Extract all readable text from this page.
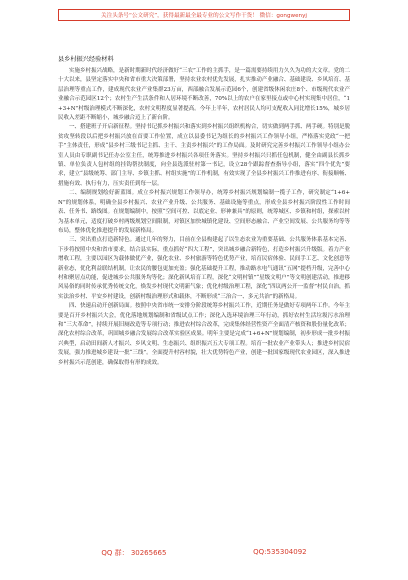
关注头条号“公文研究”，获得最新最全最专业的公文写作干货！ 微信：gongwenyj
县乡村振兴经验材料

实施乡村振兴战略，是新时期新时代经济做好“三农”工作的主抓手，是一篇需要持续用力久久为功的大文章。党的二十大以来，县坚定落实中央和省市重大决策部署，坚持农业农村优先发展，扎实推动产业融合、基础建设、乡风培育、基层治理等重点工作，建成现代农业产业集群23万亩，西部融合发展示范园6个，创建省级休闲农庄8个、市级现代农业产业融合示范园区12个；农村生产生活条件和人居环境不断改善，70%以上的农户在家里接点或中心村实现集中居住，“1+3+N”村级治理模式不断深化，农村文明程度显著提高。今年上半年，农村居民人均可支配收入同比增长15%，城乡居民收入差距不断缩小，城乡融合迈上了新台阶。

一、搭建班子开启新征程。坚持书记抓乡村振兴和落实到乡村振兴组织机构合，切实做到两手抓、两手硬。特别是脱贫攻坚转段以后把乡村振兴放在首要工作位置，成立以县委书记为组长的乡村振兴工作领导小组，严格落实党政“一把手”主体责任，形成“县乡村三级书记主抓、主干、主责乡村振兴”的工作局面。及时研究完善乡村振兴工作领导小组办公室人员由专职副书记任办公室主任，统筹推进乡村振兴各项任务落实。坚持乡村振兴只抓任包机制，健全由副县长抓乡镇、单位负责人包村组的挂钩帮扶制度，向全县选派驻村第一书记，设立28个跟踪督查指导小组，落实“四个优先”要求，建立“县级统筹、部门主导、乡镇主抓、村组实施”的工作机制，有效实现了全县乡村振兴工作推进有序、衔接顺畅、措施有效、执行有力，压实责任到每一层。

二、编制规划绘好新蓝图。成立乡村振兴规划工作领导办，统筹乡村振兴规划编制一揽子工作，研究制定“1+6+N”的规划体系，明确全县乡村振兴、农业产业升级、公共服务、基础设施等重点，形成全县乡村振兴阶段性工作时间表、任务书、路线图。在规划编制中，按照“空间可控、以底定业、形神兼具”的原则，统筹城区、乡镇和村组，探索以村为基本单元，适度打破乡村两级规划空间限制，对镇区加快城镇化建设、空间形态融合、产业空间发展、公共服务均等等布局，整体优化推进提升的发展新格局。

三、突出重点打造新特色。通过几年的努力，目前在全县构建起了以生态农业为重要基础、公共服务体系基本完善、下步将按照中央和省市要求，结合县实际，重点抓好“四大工程”，突出城乡融合新特色，打造乡村振兴升级版。着力产业增收工程，主要以园区为载体做优产业，强化农业、乡村旅游等特色优势产业，培育民宿体验、民间手工艺、文化创意等新业态，优化利益联结机制，让农民的腰包更加充盈；强化基础提升工程，推动路水电气通讯“五网”提档升级，完善中心村和聚居点功能，促进城乡公共服务均等化；深化新风培育工程，深化“文明村镇”“星级文明户”等文明创建活动，推进移风易俗的同时传承优秀传统文化，焕发乡村现代文明新气象；优化村级治理工程，深化“四议两公开一监督”村民自治，抓实法治乡村、平安乡村建设，创新村级治理形式和载体，不断形成“三治合一、多元共治”的新格局。

四、快速启动开创新局面。按照中央省市统一安排分阶段统筹乡村振兴工作，近期任务是做好专项两年工作。今年主要是百开乡村振兴大会，优化落地规划编制和省级试点工作；深化入选环境治理三年行动，抓好农村生活垃圾污水治理和“三大革命”，持续开展旧厕改造等专项行动；推进农村综合改革，完成集体经营性资产全面清产核资和股份量化改革；深化农村综合改革，巩固城乡融合发展综合改革实验区成果。明年主要是完成“1+6+N”规划编制，初步形成一批乡村振兴典型，启动田间新人才振兴、乡风文明、生态振兴、组织振兴五大专项工程。培育一批农业产业带头人；推进乡村民宿发展，强力推进城乡建设一批“三线”。全面提升村容村貌，壮大优势特色产业，创建一批国家级现代农业园区，深入推进乡村振兴示范创建，确保取得有形的成效。

QQ 群： 30265665	QQ:535304092
